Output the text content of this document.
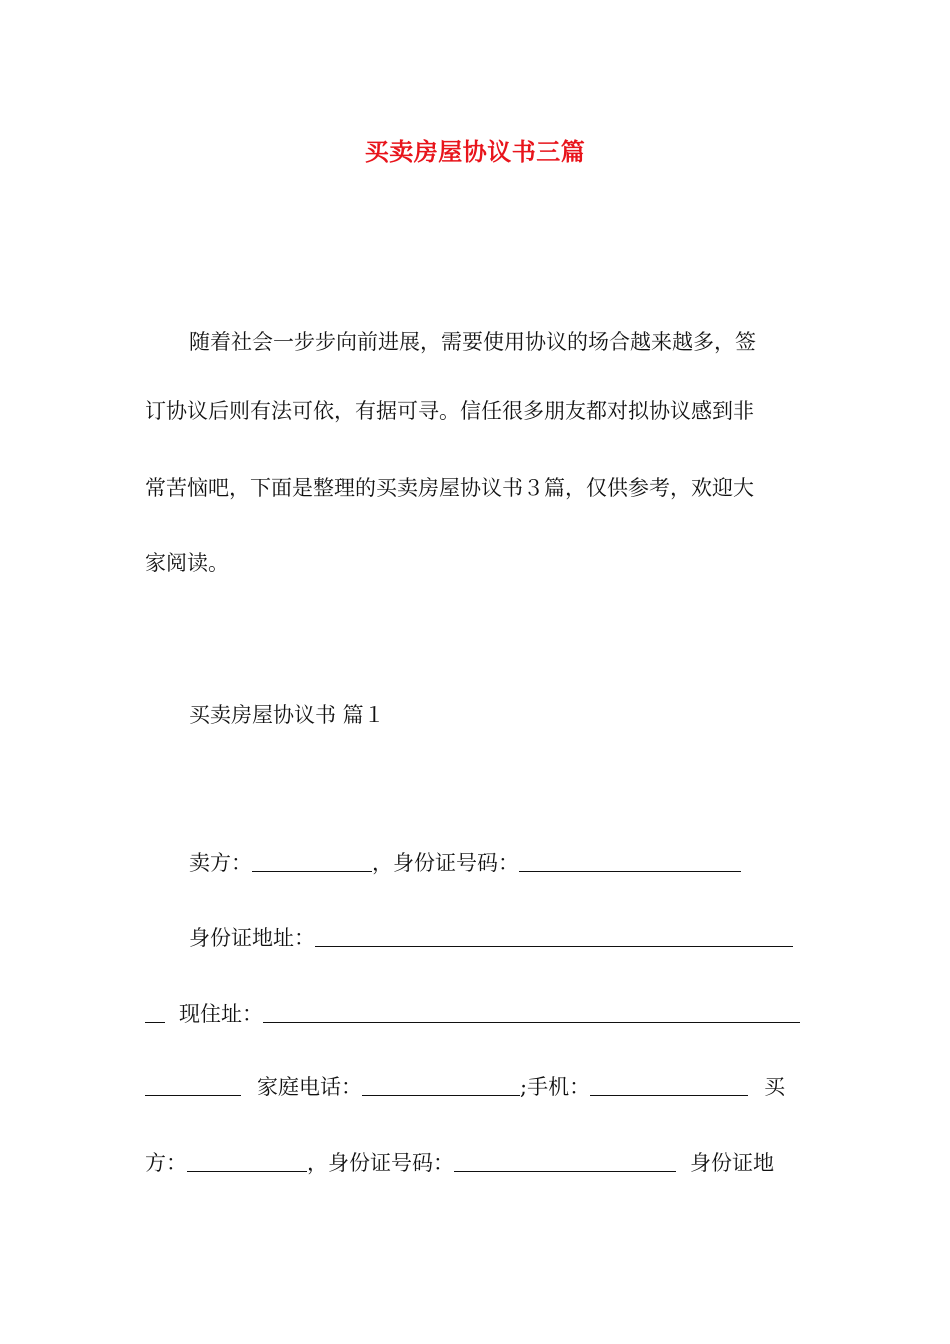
买卖房屋协议书三篇
随着社会一步步向前进展，需要使用协议的场合越来越多，签
订协议后则有法可依，有据可寻。信任很多朋友都对拟协议感到非
常苦恼吧，下面是整理的买卖房屋协议书３篇，仅供参考，欢迎大
家阅读。
买卖房屋协议书 篇１
卖方：	，身份证号码：
身份证地址：
现住址：
家庭电话：	;手机：	买
方：	，身份证号码：	身份证地
